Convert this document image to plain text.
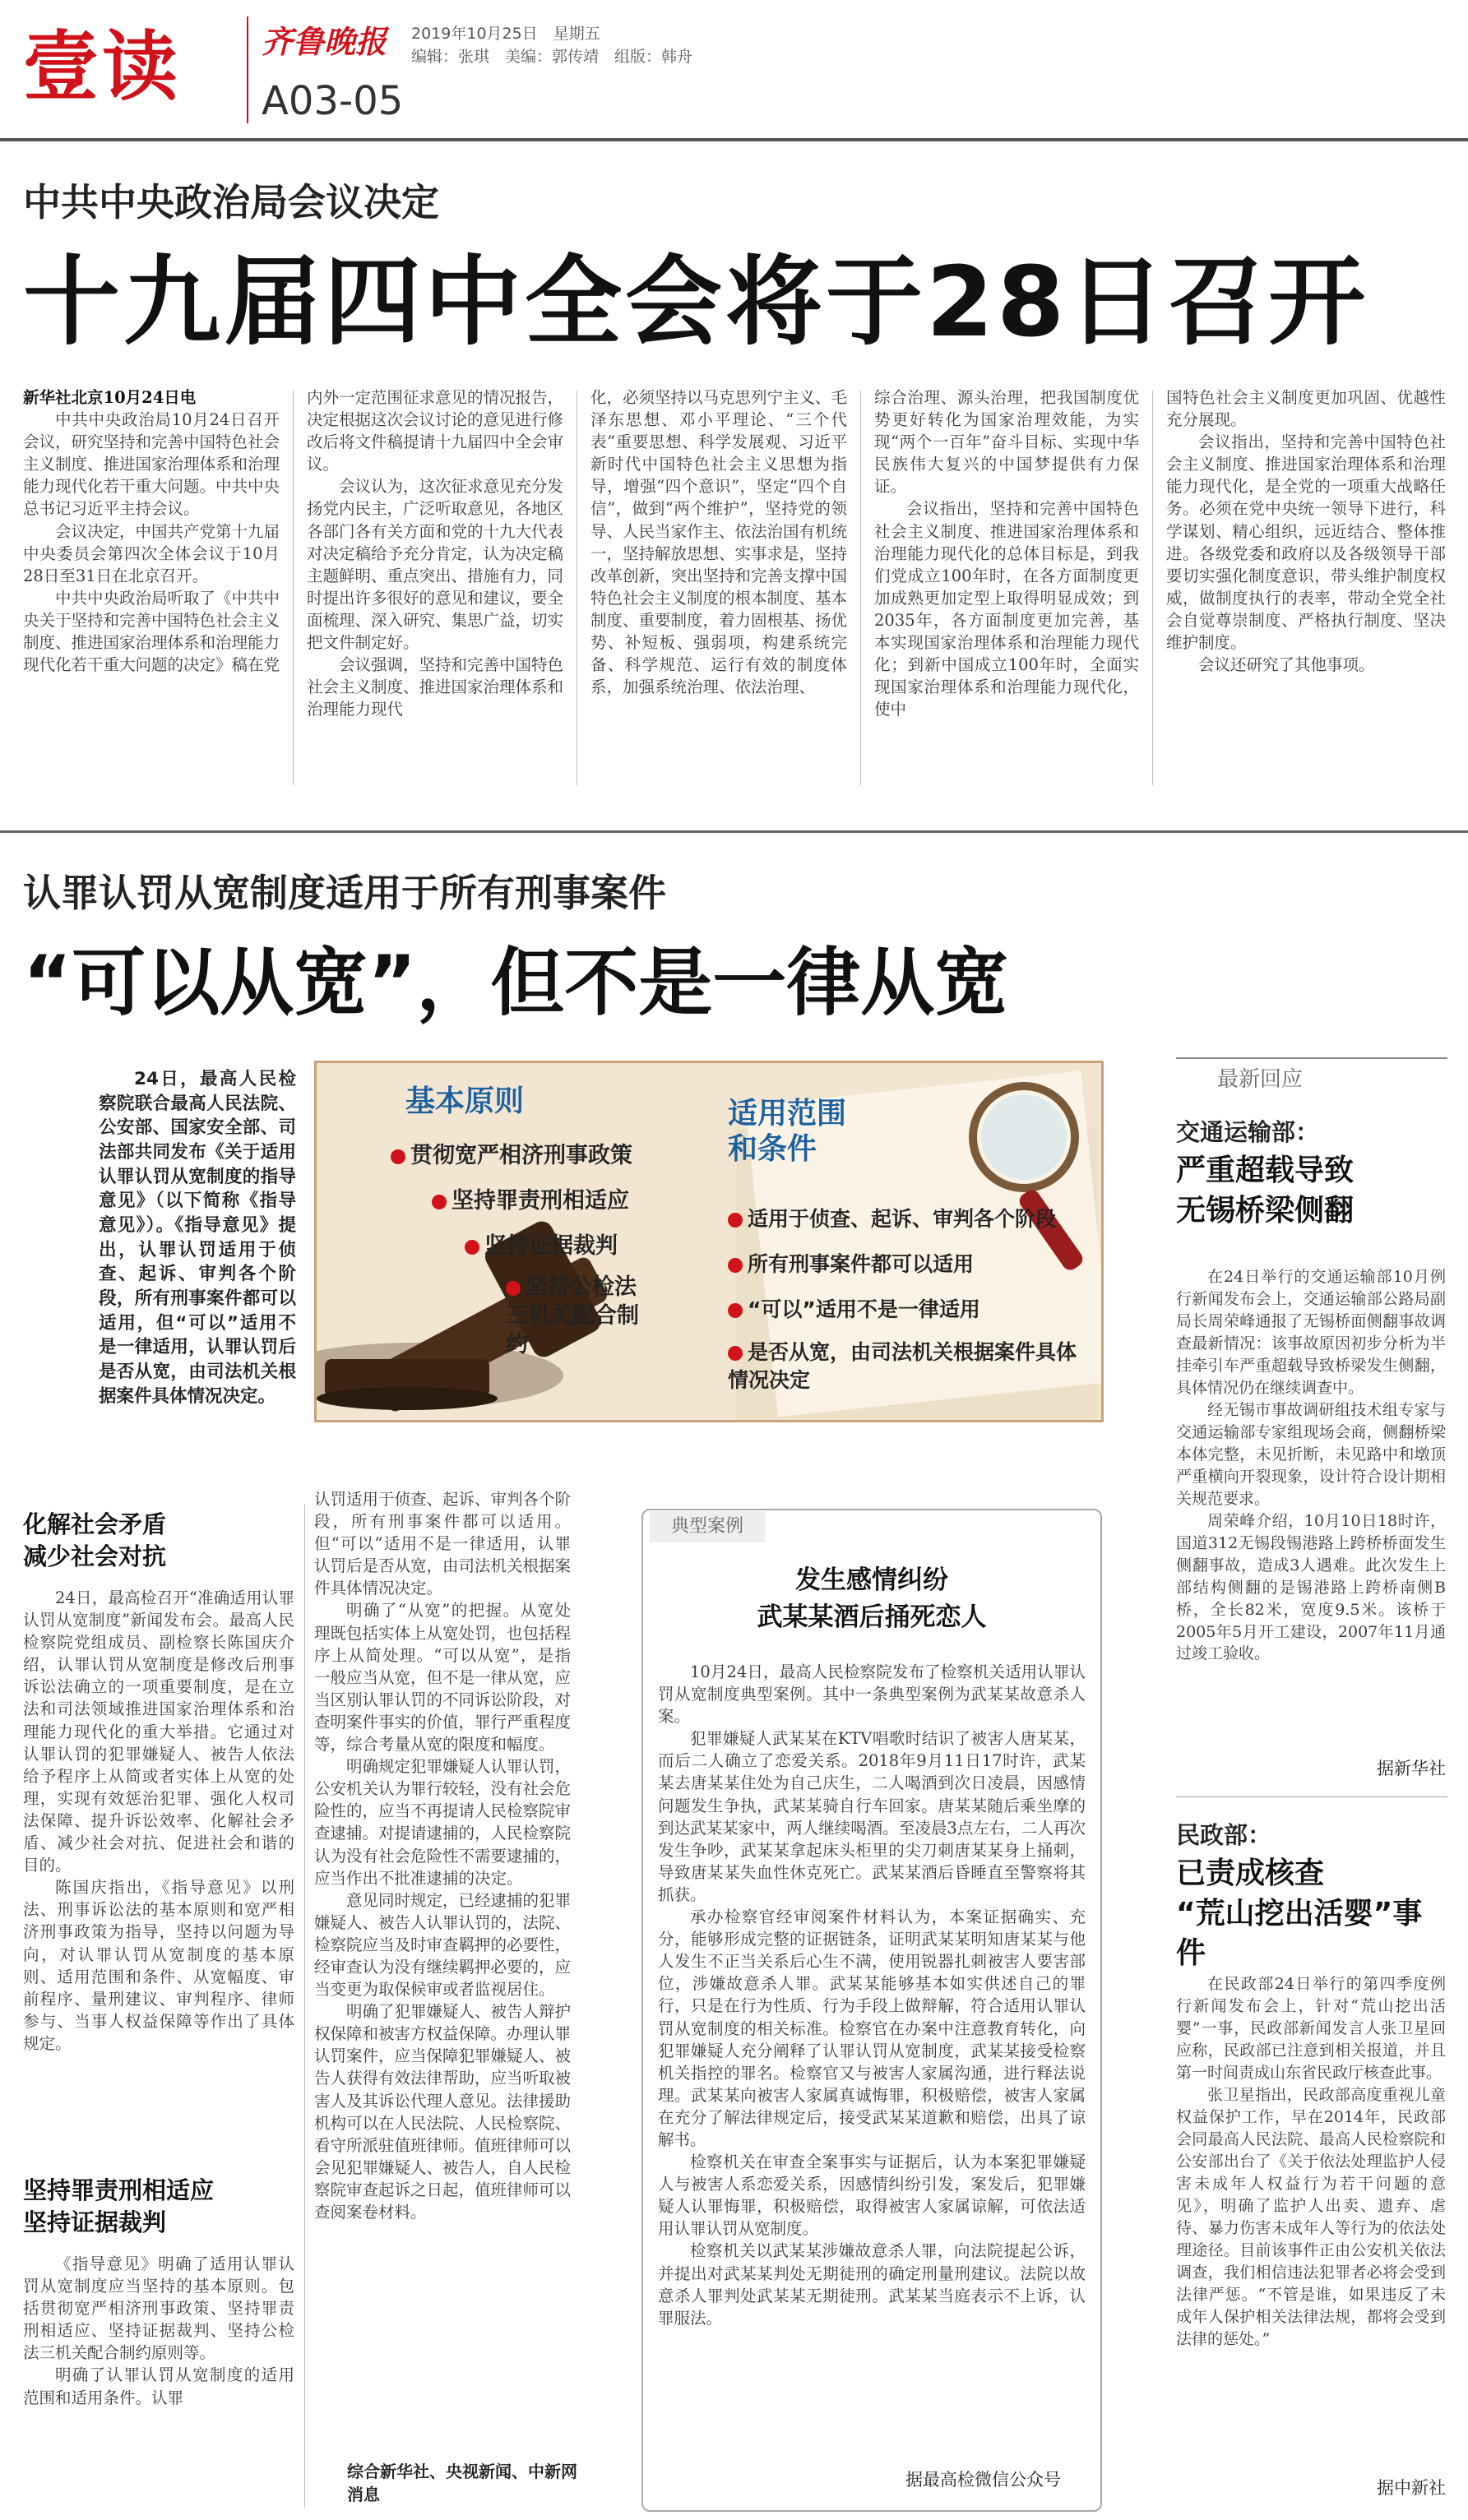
壹读	齐鲁晚报
A03-05
2019年10月25日　星期五
编辑：张琪　美编：郭传靖　组版：韩舟
中共中央政治局会议决定
十九届四中全会将于28日召开

新华社北京10月24日电

中共中央政治局10月24日召开会议，研究坚持和完善中国特色社会主义制度、推进国家治理体系和治理能力现代化若干重大问题。中共中央总书记习近平主持会议。

会议决定，中国共产党第十九届中央委员会第四次全体会议于10月28日至31日在北京召开。

中共中央政治局听取了《中共中央关于坚持和完善中国特色社会主义制度、推进国家治理体系和治理能力现代化若干重大问题的决定》稿在党

内外一定范围征求意见的情况报告，决定根据这次会议讨论的意见进行修改后将文件稿提请十九届四中全会审议。

会议认为，这次征求意见充分发扬党内民主，广泛听取意见，各地区各部门各有关方面和党的十九大代表对决定稿给予充分肯定，认为决定稿主题鲜明、重点突出、措施有力，同时提出许多很好的意见和建议，要全面梳理、深入研究、集思广益，切实把文件制定好。

会议强调，坚持和完善中国特色社会主义制度、推进国家治理体系和治理能力现代

化，必须坚持以马克思列宁主义、毛泽东思想、邓小平理论、“三个代表”重要思想、科学发展观、习近平新时代中国特色社会主义思想为指导，增强“四个意识”，坚定“四个自信”，做到“两个维护”，坚持党的领导、人民当家作主、依法治国有机统一，坚持解放思想、实事求是，坚持改革创新，突出坚持和完善支撑中国特色社会主义制度的根本制度、基本制度、重要制度，着力固根基、扬优势、补短板、强弱项，构建系统完备、科学规范、运行有效的制度体系，加强系统治理、依法治理、

综合治理、源头治理，把我国制度优势更好转化为国家治理效能，为实现“两个一百年”奋斗目标、实现中华民族伟大复兴的中国梦提供有力保证。

会议指出，坚持和完善中国特色社会主义制度、推进国家治理体系和治理能力现代化的总体目标是，到我们党成立100年时，在各方面制度更加成熟更加定型上取得明显成效；到2035年，各方面制度更加完善，基本实现国家治理体系和治理能力现代化；到新中国成立100年时，全面实现国家治理体系和治理能力现代化，使中

国特色社会主义制度更加巩固、优越性充分展现。

会议指出，坚持和完善中国特色社会主义制度、推进国家治理体系和治理能力现代化，是全党的一项重大战略任务。必须在党中央统一领导下进行，科学谋划、精心组织，远近结合、整体推进。各级党委和政府以及各级领导干部要切实强化制度意识，带头维护制度权威，做制度执行的表率，带动全党全社会自觉尊崇制度、严格执行制度、坚决维护制度。

会议还研究了其他事项。

认罪认罚从宽制度适用于所有刑事案件
“可以从宽”，但不是一律从宽
24日，最高人民检察院联合最高人民法院、公安部、国家安全部、司法部共同发布《关于适用认罪认罚从宽制度的指导意见》（以下简称《指导意见》）。《指导意见》提出，认罪认罚适用于侦查、起诉、审判各个阶段，所有刑事案件都可以适用，但“可以”适用不是一律适用，认罪认罚后是否从宽，由司法机关根据案件具体情况决定。
基本原则
贯彻宽严相济刑事政策
坚持罪责刑相适应
坚持证据裁判
坚持公检法三机关配合制约
适用范围和条件
适用于侦查、起诉、审判各个阶段
所有刑事案件都可以适用
“可以”适用不是一律适用
是否从宽，由司法机关根据案件具体情况决定
化解社会矛盾
减少社会对抗

24日，最高检召开“准确适用认罪认罚从宽制度”新闻发布会。最高人民检察院党组成员、副检察长陈国庆介绍，认罪认罚从宽制度是修改后刑事诉讼法确立的一项重要制度，是在立法和司法领域推进国家治理体系和治理能力现代化的重大举措。它通过对认罪认罚的犯罪嫌疑人、被告人依法给予程序上从简或者实体上从宽的处理，实现有效惩治犯罪、强化人权司法保障、提升诉讼效率、化解社会矛盾、减少社会对抗、促进社会和谐的目的。

陈国庆指出，《指导意见》以刑法、刑事诉讼法的基本原则和宽严相济刑事政策为指导，坚持以问题为导向，对认罪认罚从宽制度的基本原则、适用范围和条件、从宽幅度、审前程序、量刑建议、审判程序、律师参与、当事人权益保障等作出了具体规定。

坚持罪责刑相适应
坚持证据裁判

《指导意见》明确了适用认罪认罚从宽制度应当坚持的基本原则。包括贯彻宽严相济刑事政策、坚持罪责刑相适应、坚持证据裁判、坚持公检法三机关配合制约原则等。

明确了认罪认罚从宽制度的适用范围和适用条件。认罪

认罚适用于侦查、起诉、审判各个阶段，所有刑事案件都可以适用。但“可以”适用不是一律适用，认罪认罚后是否从宽，由司法机关根据案件具体情况决定。

明确了“从宽”的把握。从宽处理既包括实体上从宽处罚，也包括程序上从简处理。“可以从宽”，是指一般应当从宽，但不是一律从宽，应当区别认罪认罚的不同诉讼阶段，对查明案件事实的价值，罪行严重程度等，综合考量从宽的限度和幅度。

明确规定犯罪嫌疑人认罪认罚，公安机关认为罪行较轻，没有社会危险性的，应当不再提请人民检察院审查逮捕。对提请逮捕的，人民检察院认为没有社会危险性不需要逮捕的，应当作出不批准逮捕的决定。

意见同时规定，已经逮捕的犯罪嫌疑人、被告人认罪认罚的，法院、检察院应当及时审查羁押的必要性，经审查认为没有继续羁押必要的，应当变更为取保候审或者监视居住。

明确了犯罪嫌疑人、被告人辩护权保障和被害方权益保障。办理认罪认罚案件，应当保障犯罪嫌疑人、被告人获得有效法律帮助，应当听取被害人及其诉讼代理人意见。法律援助机构可以在人民法院、人民检察院、看守所派驻值班律师。值班律师可以会见犯罪嫌疑人、被告人，自人民检察院审查起诉之日起，值班律师可以查阅案卷材料。

综合新华社、央视新闻、中新网消息
典型案例
发生感情纠纷
武某某酒后捅死恋人

10月24日，最高人民检察院发布了检察机关适用认罪认罚从宽制度典型案例。其中一条典型案例为武某某故意杀人案。

犯罪嫌疑人武某某在KTV唱歌时结识了被害人唐某某，而后二人确立了恋爱关系。2018年9月11日17时许，武某某去唐某某住处为自己庆生，二人喝酒到次日凌晨，因感情问题发生争执，武某某骑自行车回家。唐某某随后乘坐摩的到达武某某家中，两人继续喝酒。至凌晨3点左右，二人再次发生争吵，武某某拿起床头柜里的尖刀刺唐某某身上捅刺，导致唐某某失血性休克死亡。武某某酒后昏睡直至警察将其抓获。

承办检察官经审阅案件材料认为，本案证据确实、充分，能够形成完整的证据链条，证明武某某明知唐某某与他人发生不正当关系后心生不满，使用锐器扎刺被害人要害部位，涉嫌故意杀人罪。武某某能够基本如实供述自己的罪行，只是在行为性质、行为手段上做辩解，符合适用认罪认罚从宽制度的相关标准。检察官在办案中注意教育转化，向犯罪嫌疑人充分阐释了认罪认罚从宽制度，武某某接受检察机关指控的罪名。检察官又与被害人家属沟通，进行释法说理。武某某向被害人家属真诚悔罪，积极赔偿，被害人家属在充分了解法律规定后，接受武某某道歉和赔偿，出具了谅解书。

检察机关在审查全案事实与证据后，认为本案犯罪嫌疑人与被害人系恋爱关系，因感情纠纷引发，案发后，犯罪嫌疑人认罪悔罪，积极赔偿，取得被害人家属谅解，可依法适用认罪认罚从宽制度。

检察机关以武某某涉嫌故意杀人罪，向法院提起公诉，并提出对武某某判处无期徒刑的确定刑量刑建议。法院以故意杀人罪判处武某某无期徒刑。武某某当庭表示不上诉，认罪服法。

据最高检微信公众号
最新回应
交通运输部：
严重超载导致
无锡桥梁侧翻

在24日举行的交通运输部10月例行新闻发布会上，交通运输部公路局副局长周荣峰通报了无锡桥面侧翻事故调查最新情况：该事故原因初步分析为半挂牵引车严重超载导致桥梁发生侧翻，具体情况仍在继续调查中。

经无锡市事故调研组技术组专家与交通运输部专家组现场会商，侧翻桥梁本体完整，未见折断，未见路中和墩顶严重横向开裂现象，设计符合设计期相关规范要求。

周荣峰介绍，10月10日18时许，国道312无锡段锡港路上跨桥桥面发生侧翻事故，造成3人遇难。此次发生上部结构侧翻的是锡港路上跨桥南侧B桥，全长82米，宽度9.5米。该桥于2005年5月开工建设，2007年11月通过竣工验收。

据新华社
民政部：
已责成核查
“荒山挖出活婴”事件

在民政部24日举行的第四季度例行新闻发布会上，针对“荒山挖出活婴”一事，民政部新闻发言人张卫星回应称，民政部已注意到相关报道，并且第一时间责成山东省民政厅核查此事。

张卫星指出，民政部高度重视儿童权益保护工作，早在2014年，民政部会同最高人民法院、最高人民检察院和公安部出台了《关于依法处理监护人侵害未成年人权益行为若干问题的意见》，明确了监护人出卖、遗弃、虐待、暴力伤害未成年人等行为的依法处理途径。目前该事件正由公安机关依法调查，我们相信违法犯罪者必将会受到法律严惩。“不管是谁，如果违反了未成年人保护相关法律法规，都将会受到法律的惩处。”

据中新社
